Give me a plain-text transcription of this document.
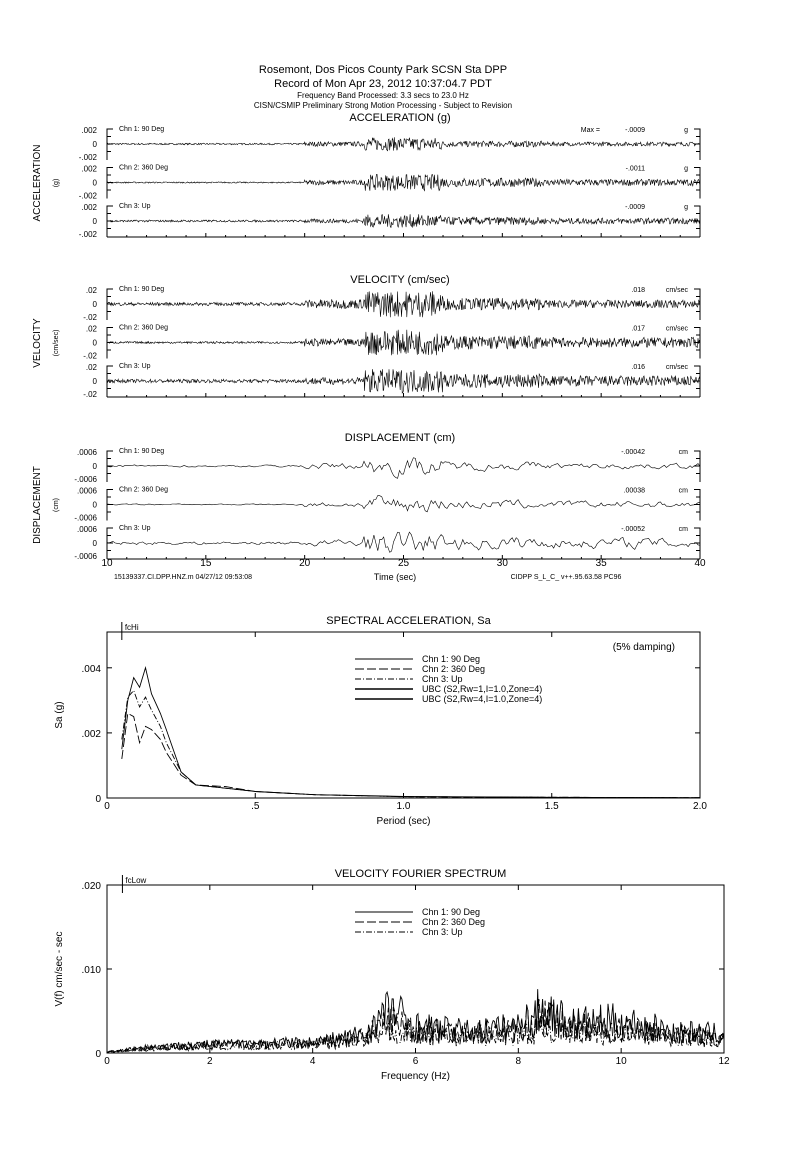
Rosemont, Dos Picos County Park SCSN Sta DPP
Record of Mon Apr 23, 2012 10:37:04.7 PDT
Frequency Band Processed: 3.3 secs to 23.0 Hz
CISN/CSMIP Preliminary Strong Motion Processing - Subject to Revision
ACCELERATION (g)
ACCELERATION (g)
.002
0
-.002
Chn 1: 90 Deg	-.0009	g
Max =
.002
0
-.002
Chn 2: 360 Deg	-.0011	g
.002
0
-.002
Chn 3: Up	-.0009	g
VELOCITY (cm/sec)
VELOCITY (cm/sec)
.02
0
-.02
Chn 1: 90 Deg	.018	cm/sec
.02
0
-.02
Chn 2: 360 Deg	.017	cm/sec
.02
0
-.02
Chn 3: Up	.016	cm/sec
DISPLACEMENT (cm)
DISPLACEMENT (cm)
.0006
0
-.0006
Chn 1: 90 Deg	-.00042	cm
.0006
0
-.0006
Chn 2: 360 Deg	.00038	cm
.0006
0
-.0006
Chn 3: Up	-.00052	cm
10	15	20	25	30	35	40
15139337.CI.DPP.HNZ.m 04/27/12 09:53:08	Time (sec)	CIDPP S_L_C_ v++.95.63.58 PC96
SPECTRAL ACCELERATION, Sa
0	.5	1.0	1.5	2.0
0
.002
.004
Period (sec)
Sa (g)
fcHi
(5% damping)
Chn 1: 90 Deg
Chn 2: 360 Deg
Chn 3: Up
UBC (S2,Rw=1,I=1.0,Zone=4)
UBC (S2,Rw=4,I=1.0,Zone=4)
VELOCITY FOURIER SPECTRUM
0	2	4	6	8	10	12
0
.010
.020
Frequency (Hz)
V(f) cm/sec - sec
fcLow
Chn 1: 90 Deg
Chn 2: 360 Deg
Chn 3: Up
